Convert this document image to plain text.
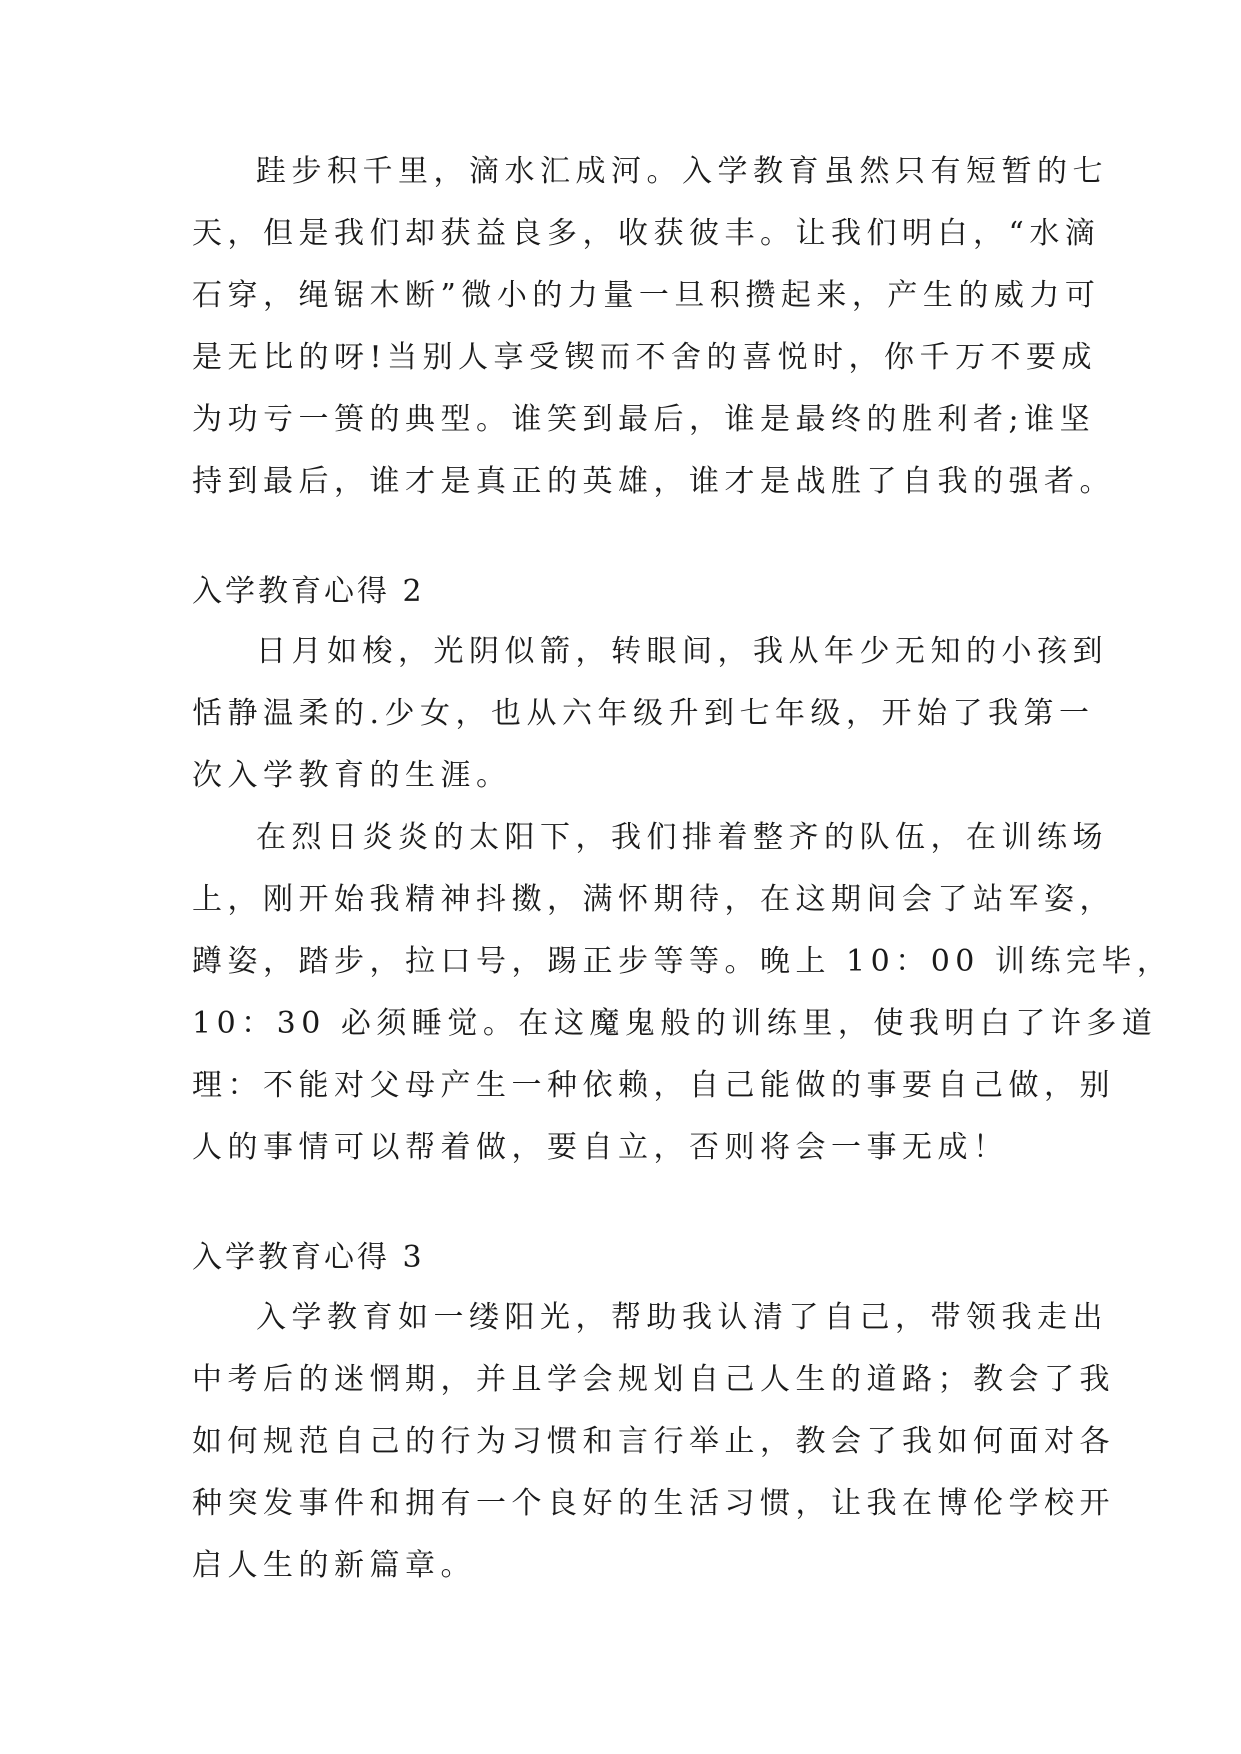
跬步积千里，滴水汇成河。入学教育虽然只有短暂的七
天，但是我们却获益良多，收获彼丰。让我们明白，“水滴
石穿，绳锯木断”微小的力量一旦积攒起来，产生的威力可
是无比的呀!当别人享受锲而不舍的喜悦时，你千万不要成
为功亏一篑的典型。谁笑到最后，谁是最终的胜利者;谁坚
持到最后，谁才是真正的英雄，谁才是战胜了自我的强者。
入学教育心得 2
日月如梭，光阴似箭，转眼间，我从年少无知的小孩到
恬静温柔的.少女，也从六年级升到七年级，开始了我第一
次入学教育的生涯。
在烈日炎炎的太阳下，我们排着整齐的队伍，在训练场
上，刚开始我精神抖擞，满怀期待，在这期间会了站军姿，
蹲姿，踏步，拉口号，踢正步等等。晚上 10：00 训练完毕，
10：30 必须睡觉。在这魔鬼般的训练里，使我明白了许多道
理：不能对父母产生一种依赖，自己能做的事要自己做，别
人的事情可以帮着做，要自立，否则将会一事无成！
入学教育心得 3
入学教育如一缕阳光，帮助我认清了自己，带领我走出
中考后的迷惘期，并且学会规划自己人生的道路；教会了我
如何规范自己的行为习惯和言行举止，教会了我如何面对各
种突发事件和拥有一个良好的生活习惯，让我在博伦学校开
启人生的新篇章。
